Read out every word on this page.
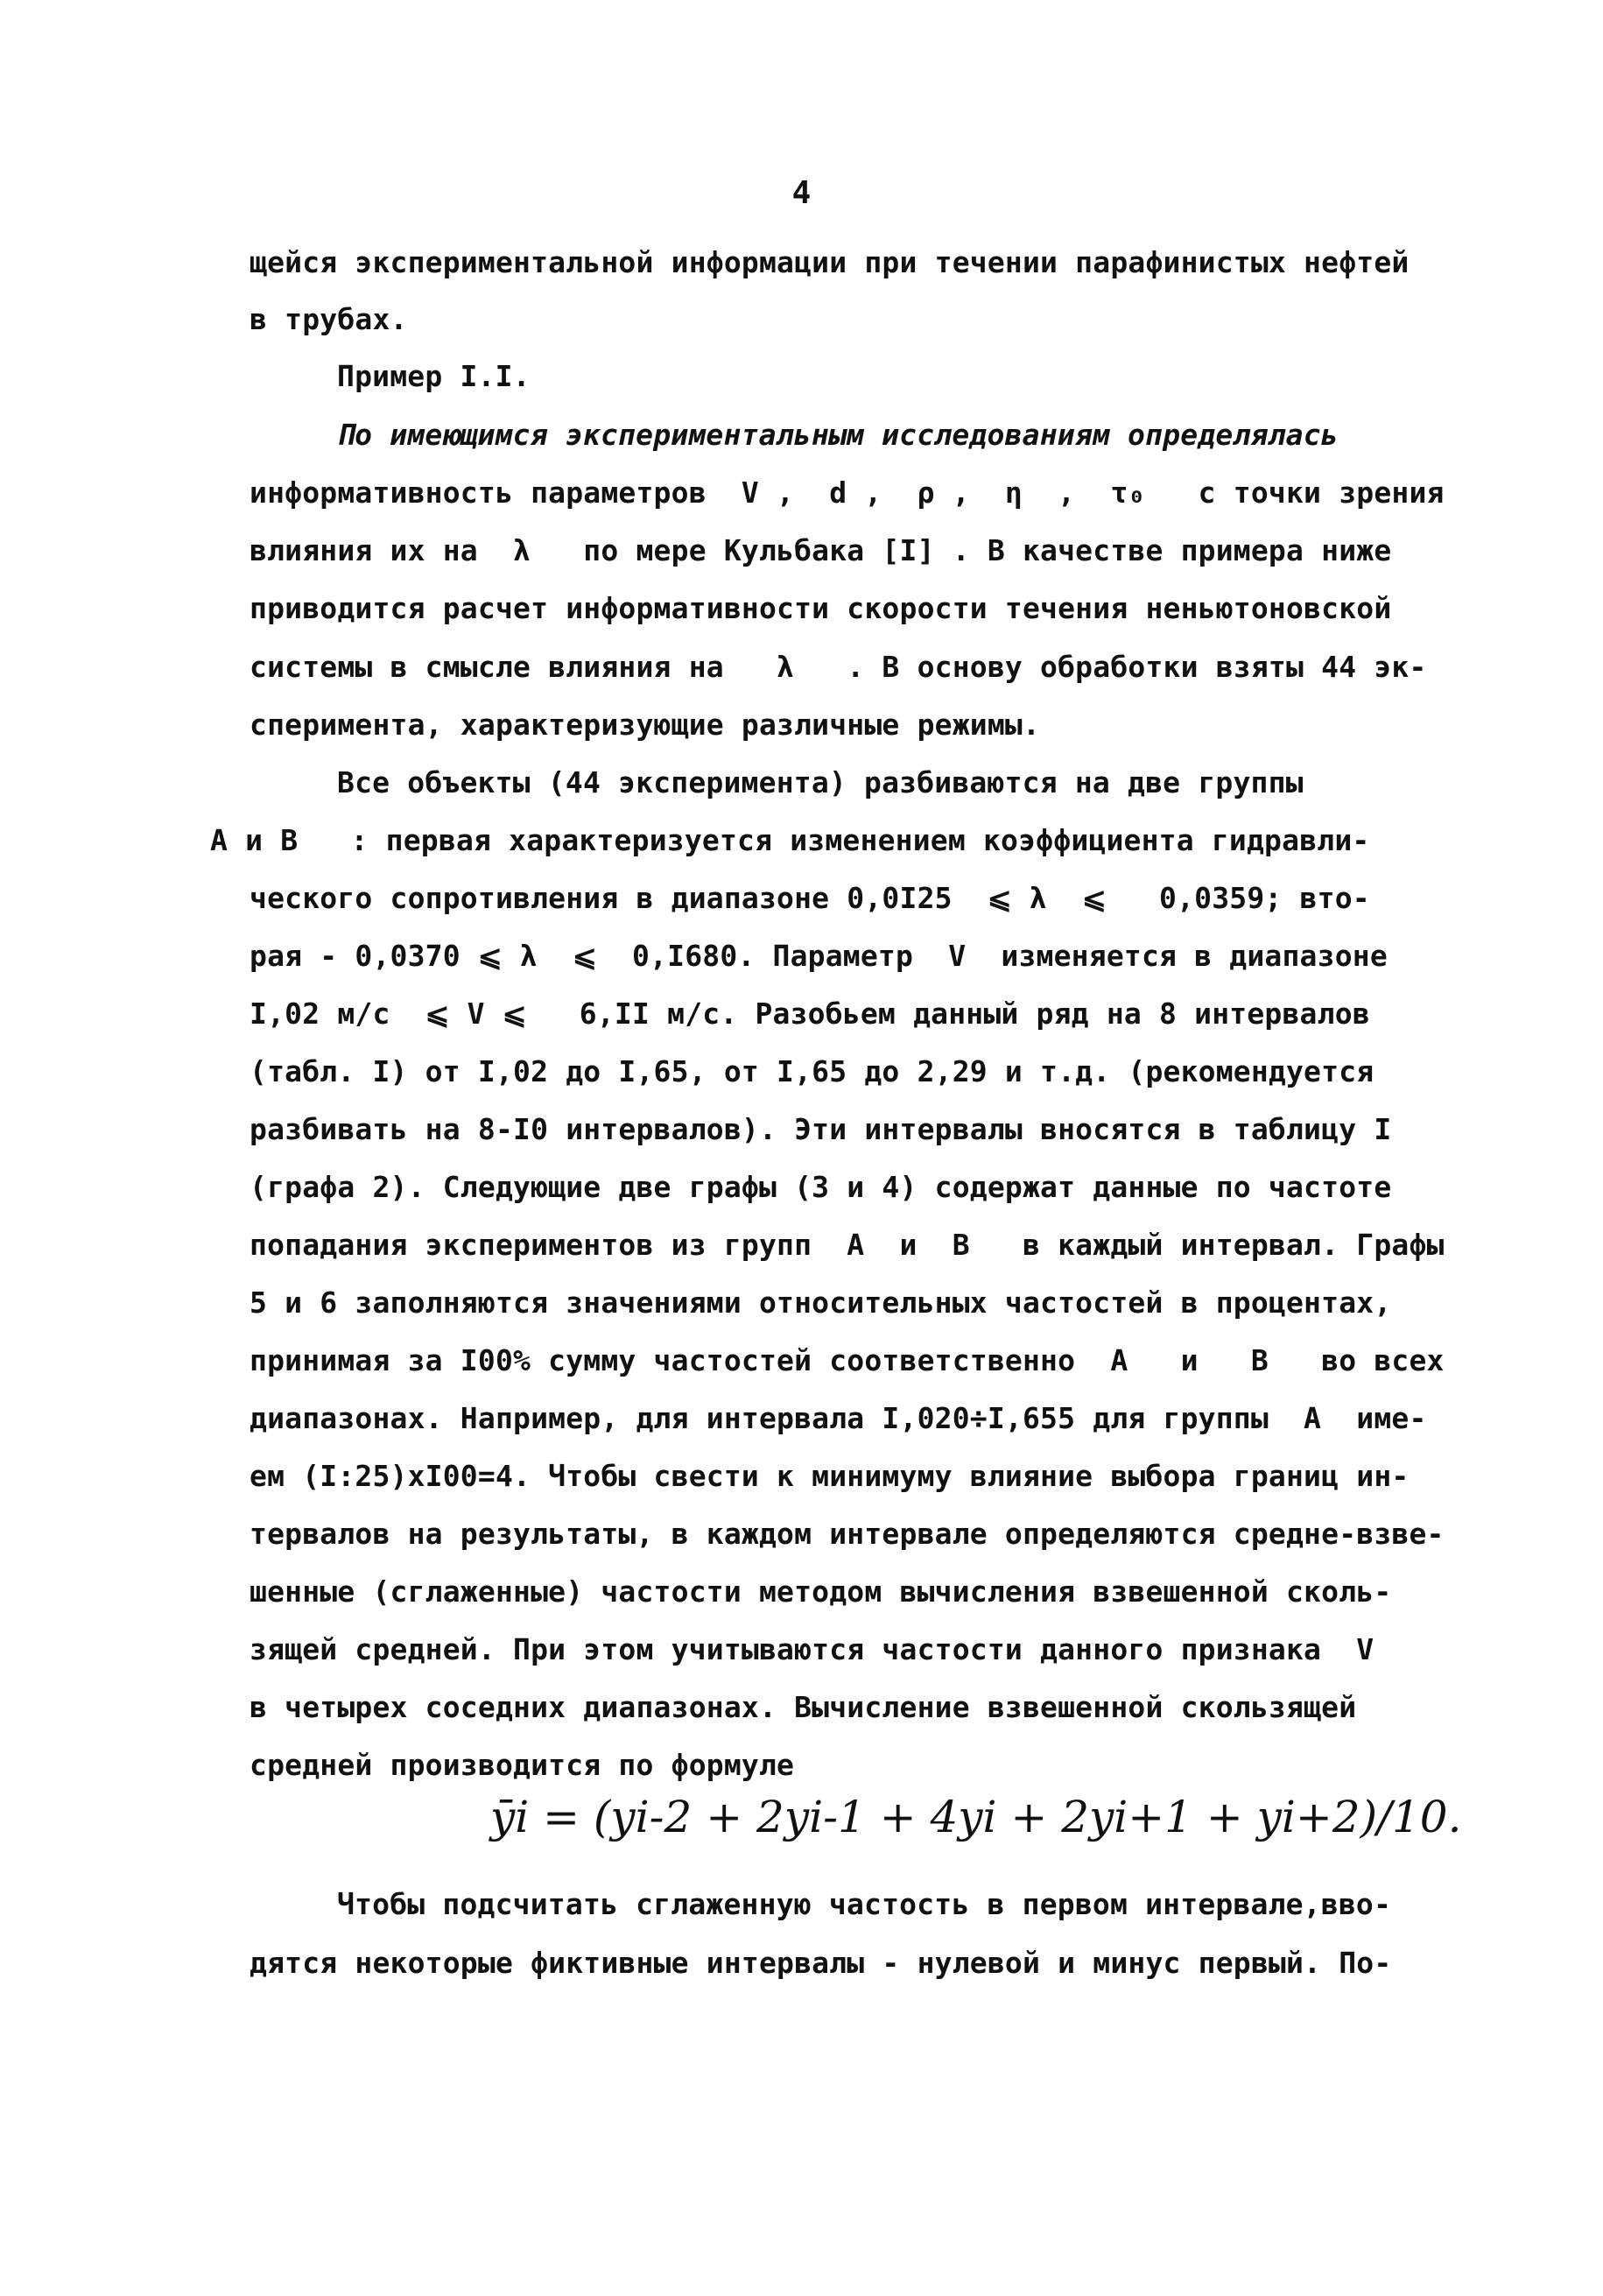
4
щейся экспериментальной информации при течении парафинистых нефтей
в трубах.
Пример I.I.
По имеющимся экспериментальным исследованиям определялась
информативность параметров  V ,  d ,  ρ ,  η  ,  τ₀   с точки зрения
влияния их на  λ   по мере Кульбака [I] . В качестве примера ниже
приводится расчет информативности скорости течения неньютоновской
системы в смысле влияния на   λ   . В основу обработки взяты 44 эк-
сперимента, характеризующие различные режимы.
Все объекты (44 эксперимента) разбиваются на две группы
A и B   : первая характеризуется изменением коэффициента гидравли-
ческого сопротивления в диапазоне 0,0I25  ⩽ λ  ⩽   0,0359; вто-
рая - 0,0370 ⩽ λ  ⩽  0,I680. Параметр  V  изменяется в диапазоне
I,02 м/с  ⩽ V ⩽   6,II м/с. Разобьем данный ряд на 8 интервалов
(табл. I) от I,02 до I,65, от I,65 до 2,29 и т.д. (рекомендуется
разбивать на 8-I0 интервалов). Эти интервалы вносятся в таблицу I
(графа 2). Следующие две графы (3 и 4) содержат данные по частоте
попадания экспериментов из групп  A  и  B   в каждый интервал. Графы
5 и 6 заполняются значениями относительных частостей в процентах,
принимая за I00% сумму частостей соответственно  A   и   B   во всех
диапазонах. Например, для интервала I,020÷I,655 для группы  A  име-
ем (I:25)xI00=4. Чтобы свести к минимуму влияние выбора границ ин-
тервалов на результаты, в каждом интервале определяются средне-взве-
шенные (сглаженные) частости методом вычисления взвешенной сколь-
зящей средней. При этом учитываются частости данного признака  V
в четырех соседних диапазонах. Вычисление взвешенной скользящей
средней производится по формуле
ȳi = (yi-2 + 2yi-1 + 4yi + 2yi+1 + yi+2)/10.
Чтобы подсчитать сглаженную частость в первом интервале,вво-
дятся некоторые фиктивные интервалы - нулевой и минус первый. По-
